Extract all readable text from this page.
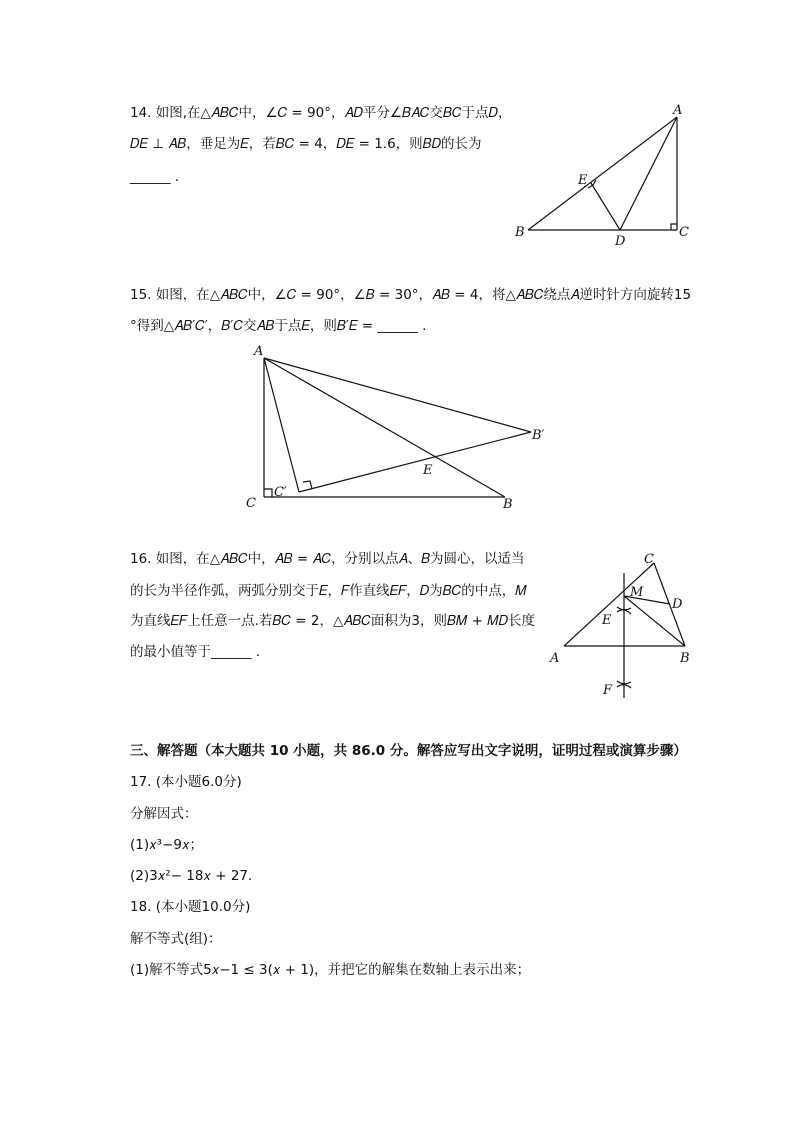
14. 如图,在△𝐴𝐵𝐶中，∠𝐶 = 90°，𝐴𝐷平分∠𝐵𝐴𝐶交𝐵𝐶于点𝐷，
𝐷𝐸 ⊥ 𝐴𝐵，垂足为𝐸，若𝐵𝐶 = 4，𝐷𝐸 = 1.6，则𝐵𝐷的长为
______ .
A
B	C
D
E
15. 如图，在△𝐴𝐵𝐶中，∠𝐶 = 90°，∠𝐵 = 30°，𝐴𝐵 = 4，将△𝐴𝐵𝐶绕点𝐴逆时针方向旋转15
°得到△𝐴𝐵′𝐶′，𝐵′𝐶交𝐴𝐵于点𝐸，则𝐵′𝐸 = ______ .
A
C	B
B′
C′
E
16. 如图，在△𝐴𝐵𝐶中，𝐴𝐵 = 𝐴𝐶，分别以点𝐴、𝐵为圆心，以适当
的长为半径作弧，两弧分别交于𝐸，𝐹作直线𝐸𝐹，𝐷为𝐵𝐶的中点，𝑀
为直线𝐸𝐹上任意一点.若𝐵𝐶 = 2，△𝐴𝐵𝐶面积为3，则𝐵𝑀 + 𝑀𝐷长度
的最小值等于______ .
C
A	B
D
E
F
M
三、解答题（本大题共 10 小题，共 86.0 分。解答应写出文字说明，证明过程或演算步骤）
17. (本小题6.0分)
分解因式：
(1)𝑥³−9𝑥；
(2)3𝑥²− 18𝑥 + 27.
18. (本小题10.0分)
解不等式(组)：
(1)解不等式5𝑥−1 ≤ 3(𝑥 + 1)，并把它的解集在数轴上表示出来；
